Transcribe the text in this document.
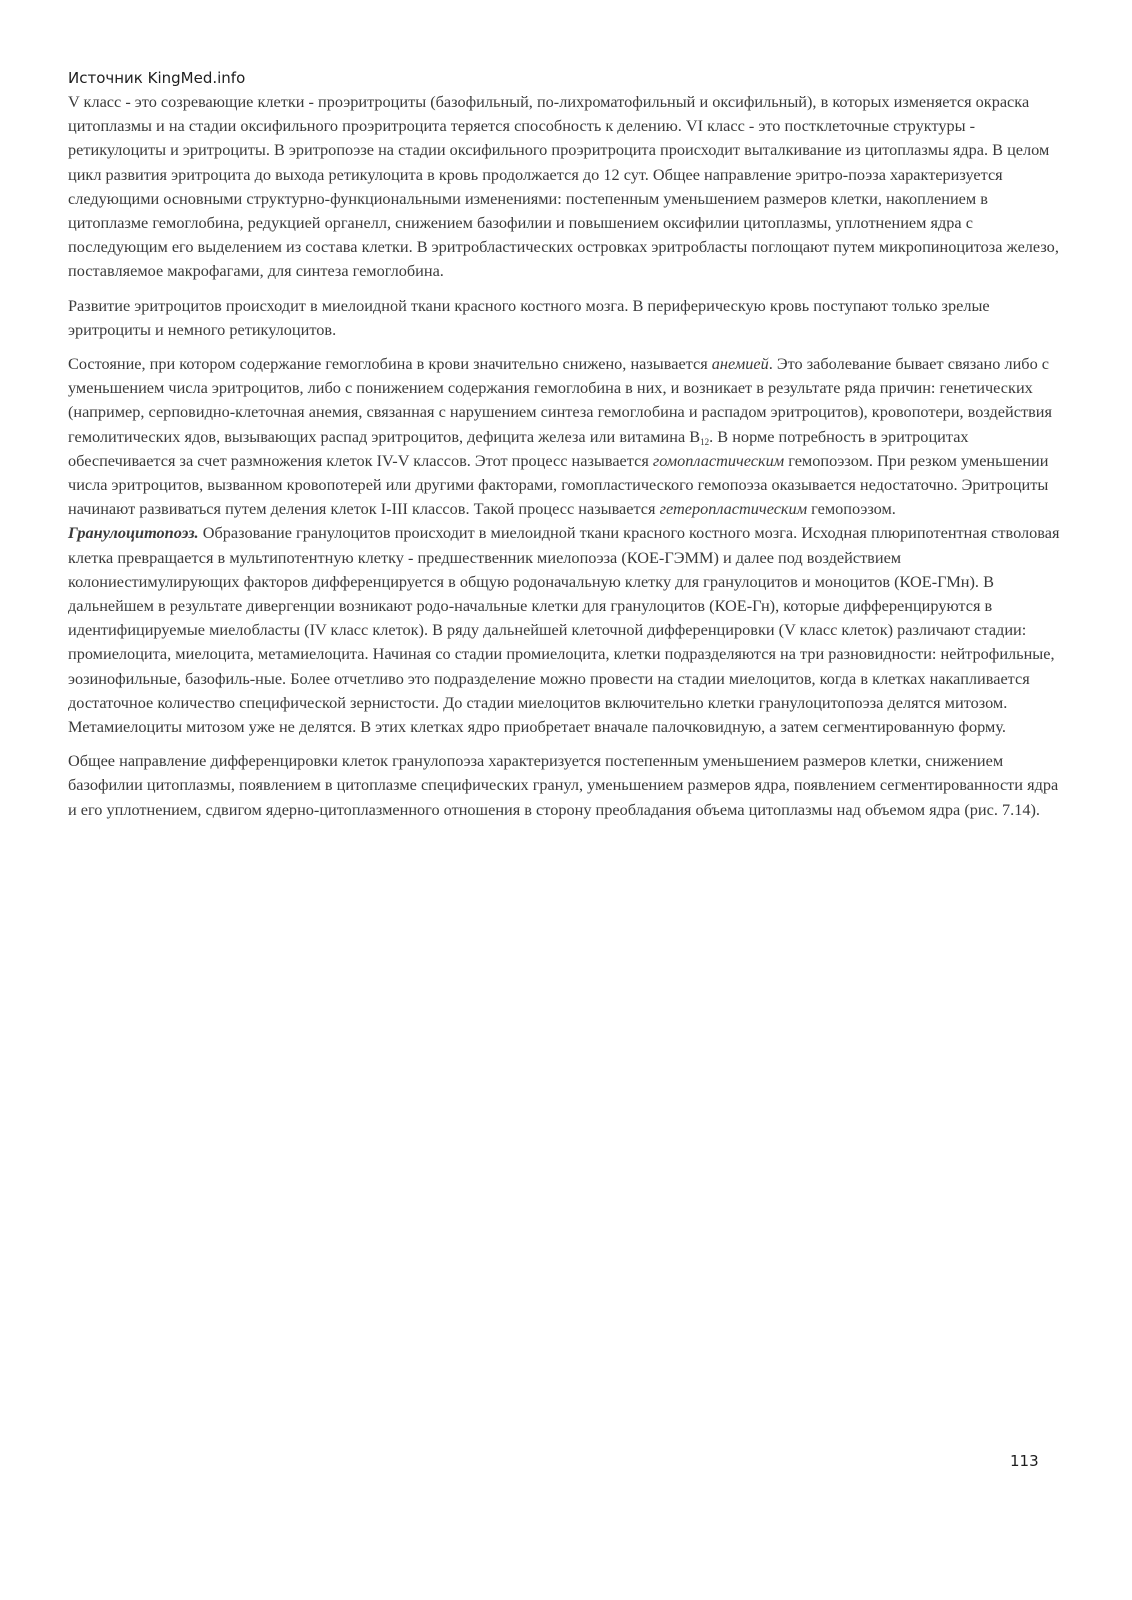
Источник KingMed.info

V класс - это созревающие клетки - проэритроциты (базофильный, по-лихроматофильный и оксифильный), в которых изменяется окраска цитоплазмы и на стадии оксифильного проэритроцита теряется способность к делению. VI класс - это постклеточные структуры - ретикулоциты и эритроциты. В эритропоэзе на стадии оксифильного проэритроцита происходит выталкивание из цитоплазмы ядра. В целом цикл развития эритроцита до выхода ретикулоцита в кровь продолжается до 12 сут. Общее направление эритро-поэза характеризуется следующими основными структурно-функциональными изменениями: постепенным уменьшением размеров клетки, накоплением в цитоплазме гемоглобина, редукцией органелл, снижением базофилии и повышением оксифилии цитоплазмы, уплотнением ядра с последующим его выделением из состава клетки. В эритробластических островках эритробласты поглощают путем микропиноцитоза железо, поставляемое макрофагами, для синтеза гемоглобина.

Развитие эритроцитов происходит в миелоидной ткани красного костного мозга. В периферическую кровь поступают только зрелые эритроциты и немного ретикулоцитов.

Состояние, при котором содержание гемоглобина в крови значительно снижено, называется анемией. Это заболевание бывает связано либо с уменьшением числа эритроцитов, либо с понижением содержания гемоглобина в них, и возникает в результате ряда причин: генетических (например, серповидно-клеточная анемия, связанная с нарушением синтеза гемоглобина и распадом эритроцитов), кровопотери, воздействия гемолитических ядов, вызывающих распад эритроцитов, дефицита железа или витамина $В_{12}$. В норме потребность в эритроцитах обеспечивается за счет размножения клеток IV-V классов. Этот процесс называется гомопластическим гемопоэзом. При резком уменьшении числа эритроцитов, вызванном кровопотерей или другими факторами, гомопластического гемопоэза оказывается недостаточно. Эритроциты начинают развиваться путем деления клеток I-III классов. Такой процесс называется гетеропластическим гемопоэзом.

Гранулоцитопоэз. Образование гранулоцитов происходит в миелоидной ткани красного костного мозга. Исходная плюрипотентная стволовая клетка превращается в мультипотентную клетку - предшественник миелопоэза (КОЕ-ГЭММ) и далее под воздействием колониестимулирующих факторов дифференцируется в общую родоначальную клетку для гранулоцитов и моноцитов (КОЕ-ГМн). В дальнейшем в результате дивергенции возникают родо-начальные клетки для гранулоцитов (КОЕ-Гн), которые дифференцируются в идентифицируемые миелобласты (IV класс клеток). В ряду дальнейшей клеточной дифференцировки (V класс клеток) различают стадии: промиелоцита, миелоцита, метамиелоцита. Начиная со стадии промиелоцита, клетки подразделяются на три разновидности: нейтрофильные, эозинофильные, базофиль-ные. Более отчетливо это подразделение можно провести на стадии миелоцитов, когда в клетках накапливается достаточное количество специфической зернистости. До стадии миелоцитов включительно клетки гранулоцитопоэза делятся митозом. Метамиелоциты митозом уже не делятся. В этих клетках ядро приобретает вначале палочковидную, а затем сегментированную форму.

Общее направление дифференцировки клеток гранулопоэза характеризуется постепенным уменьшением размеров клетки, снижением базофилии цитоплазмы, появлением в цитоплазме специфических гранул, уменьшением размеров ядра, появлением сегментированности ядра и его уплотнением, сдвигом ядерно-цитоплазменного отношения в сторону преобладания объема цитоплазмы над объемом ядра (рис. 7.14).

113
